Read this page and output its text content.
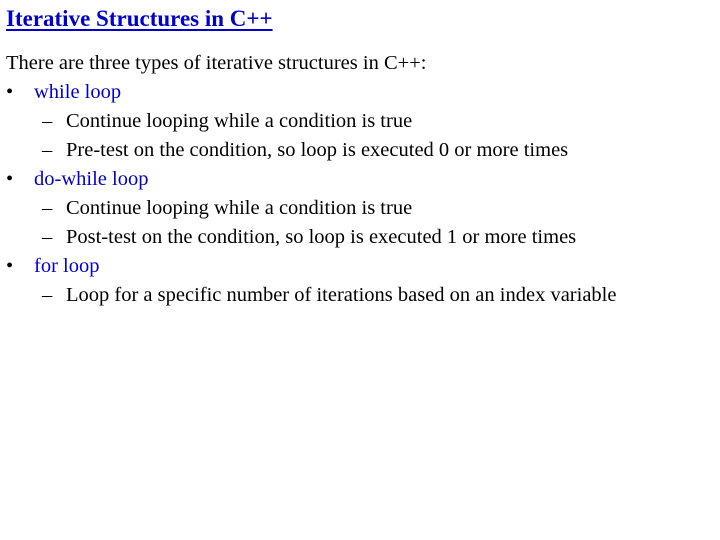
Iterative Structures in C++
There are three types of iterative structures in C++:
•	while loop
– Continue looping while a condition is true
– Pre-test on the condition, so loop is executed 0 or more times
•	do-while loop
– Continue looping while a condition is true
– Post-test on the condition, so loop is executed 1 or more times
•	for loop
– Loop for a specific number of iterations based on an index variable
